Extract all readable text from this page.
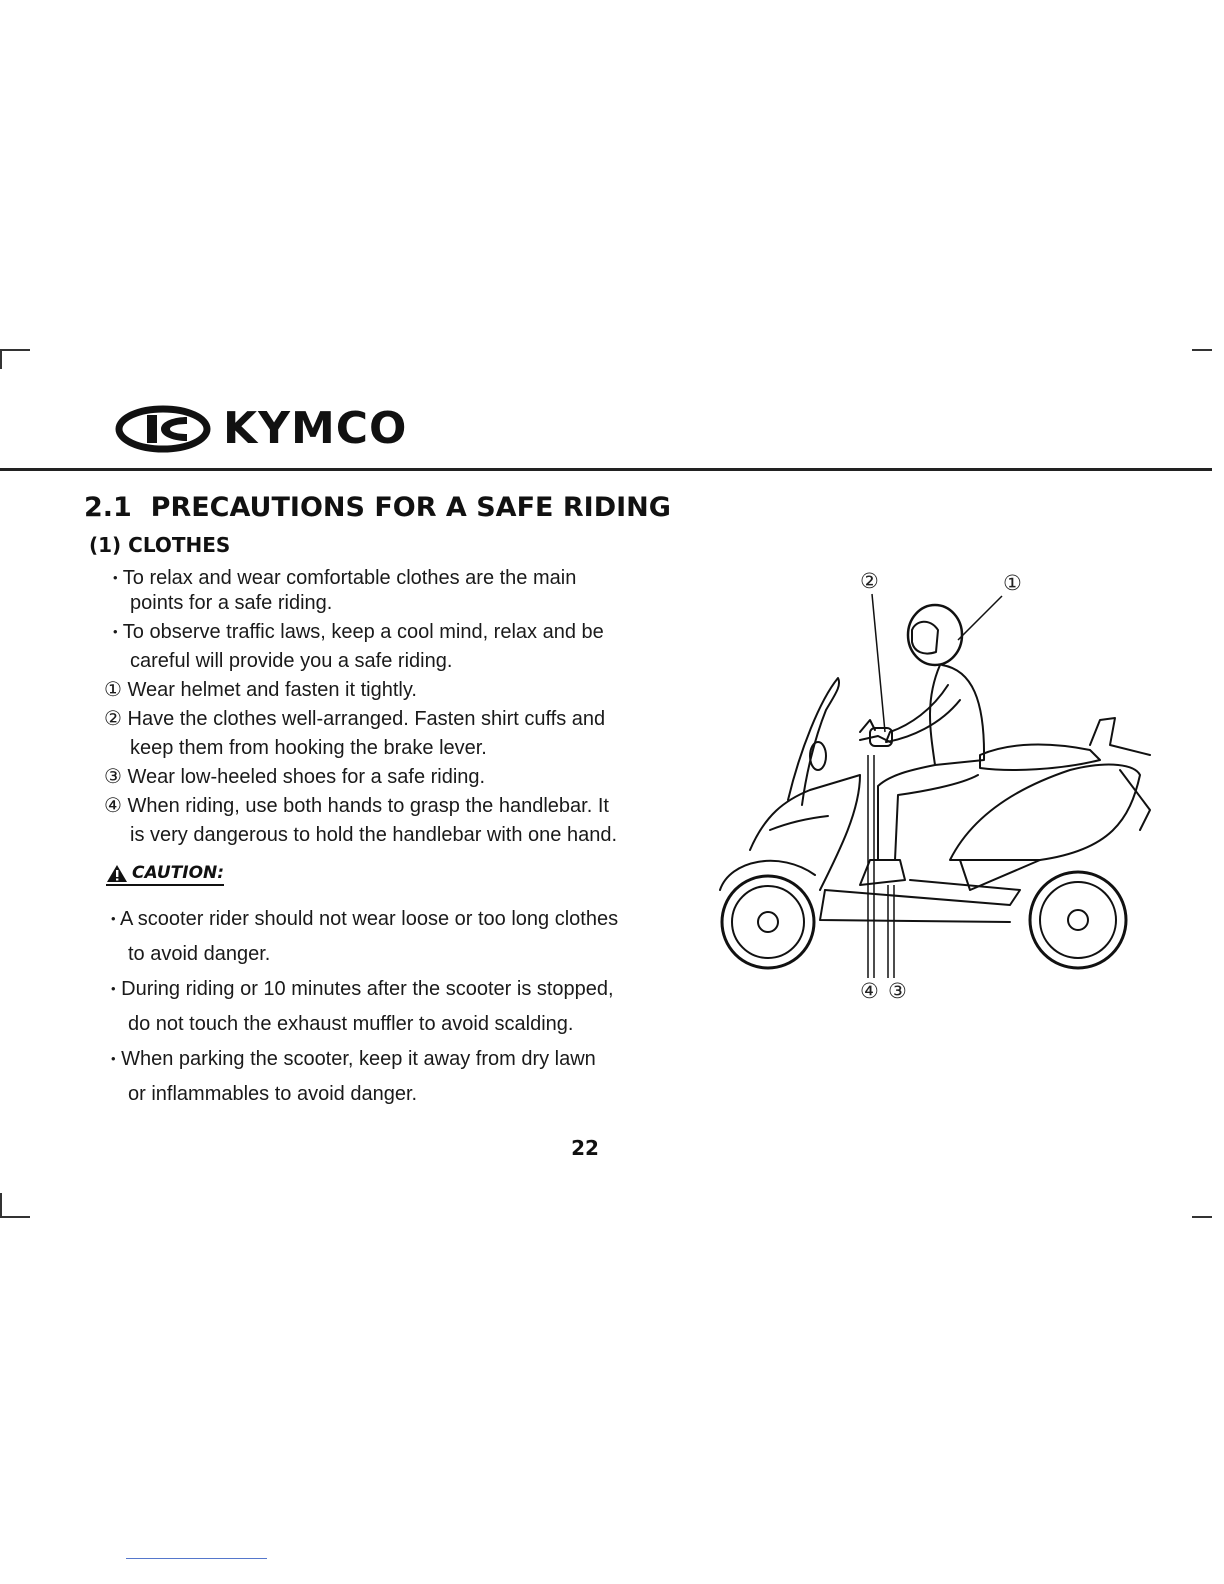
KYMCO
2.1 PRECAUTIONS FOR A SAFE RIDING
(1) CLOTHES
• To relax and wear comfortable clothes are the main
points for a safe riding.
• To observe traffic laws, keep a cool mind, relax and be
careful will provide you a safe riding.
① Wear helmet and fasten it tightly.
② Have the clothes well-arranged. Fasten shirt cuffs and
keep them from hooking the brake lever.
③ Wear low-heeled shoes for a safe riding.
④ When riding, use both hands to grasp the handlebar. It
is very dangerous to hold the handlebar with one hand.
CAUTION:
• A scooter rider should not wear loose or too long clothes
to avoid danger.
• During riding or 10 minutes after the scooter is stopped,
do not touch the exhaust muffler to avoid scalding.
• When parking the scooter, keep it away from dry lawn
or inflammables to avoid danger.
②	①
④ ③
22
